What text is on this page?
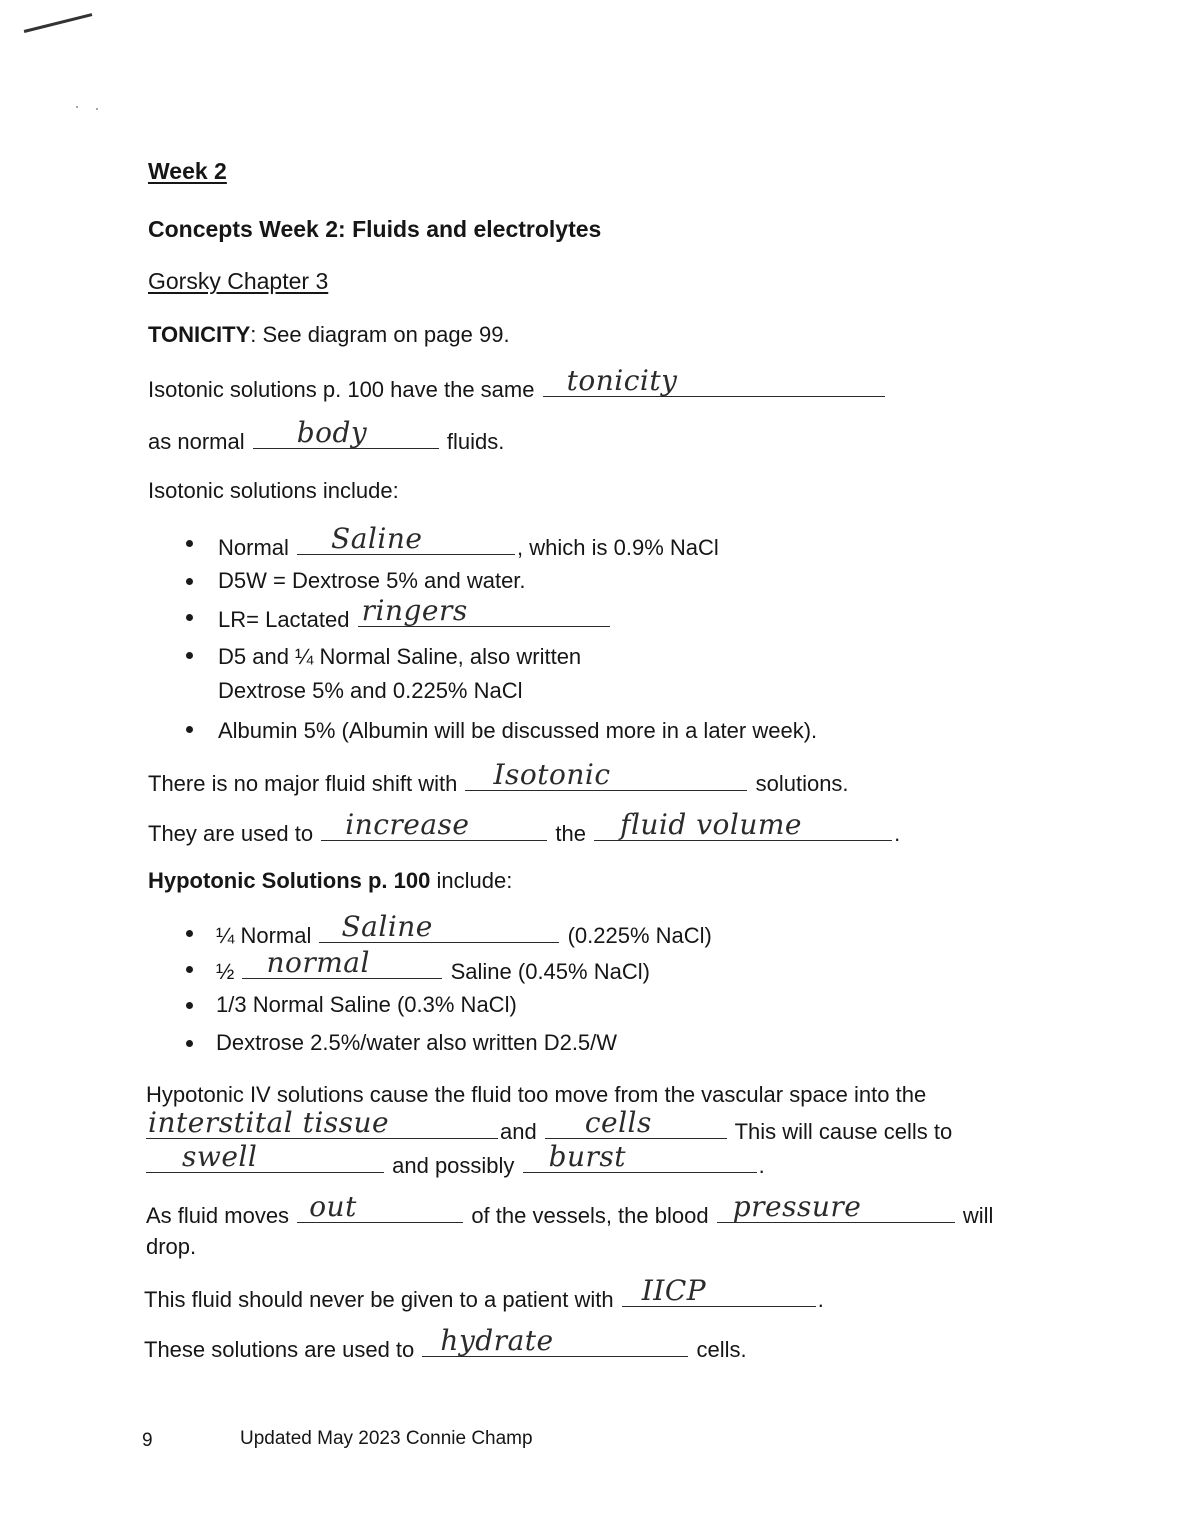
Week 2
Concepts Week 2: Fluids and electrolytes
Gorsky Chapter 3
TONICITY: See diagram on page 99.
Isotonic solutions p. 100 have the same tonicity
as normal body	fluids.
Isotonic solutions include:
Normal Saline	, which is 0.9% NaCl
D5W = Dextrose 5% and water.
LR= Lactated ringers
D5 and ¼ Normal Saline, also written
Dextrose 5% and 0.225% NaCl
Albumin 5% (Albumin will be discussed more in a later week).
There is no major fluid shift with Isotonic	solutions.
They are used to increase	the fluid volume	.
Hypotonic Solutions p. 100 include:
¼ Normal Saline	(0.225% NaCl)
½ normal	Saline (0.45% NaCl)
1/3 Normal Saline (0.3% NaCl)
Dextrose 2.5%/water also written D2.5/W
Hypotonic IV solutions cause the fluid too move from the vascular space into the
interstital tissue	and cells	This will cause cells to
swell	and possibly burst	.
As fluid moves out	of the vessels, the blood pressure	will
drop.
This fluid should never be given to a patient with IICP	.
These solutions are used to hydrate	cells.
9	Updated May 2023 Connie Champ
